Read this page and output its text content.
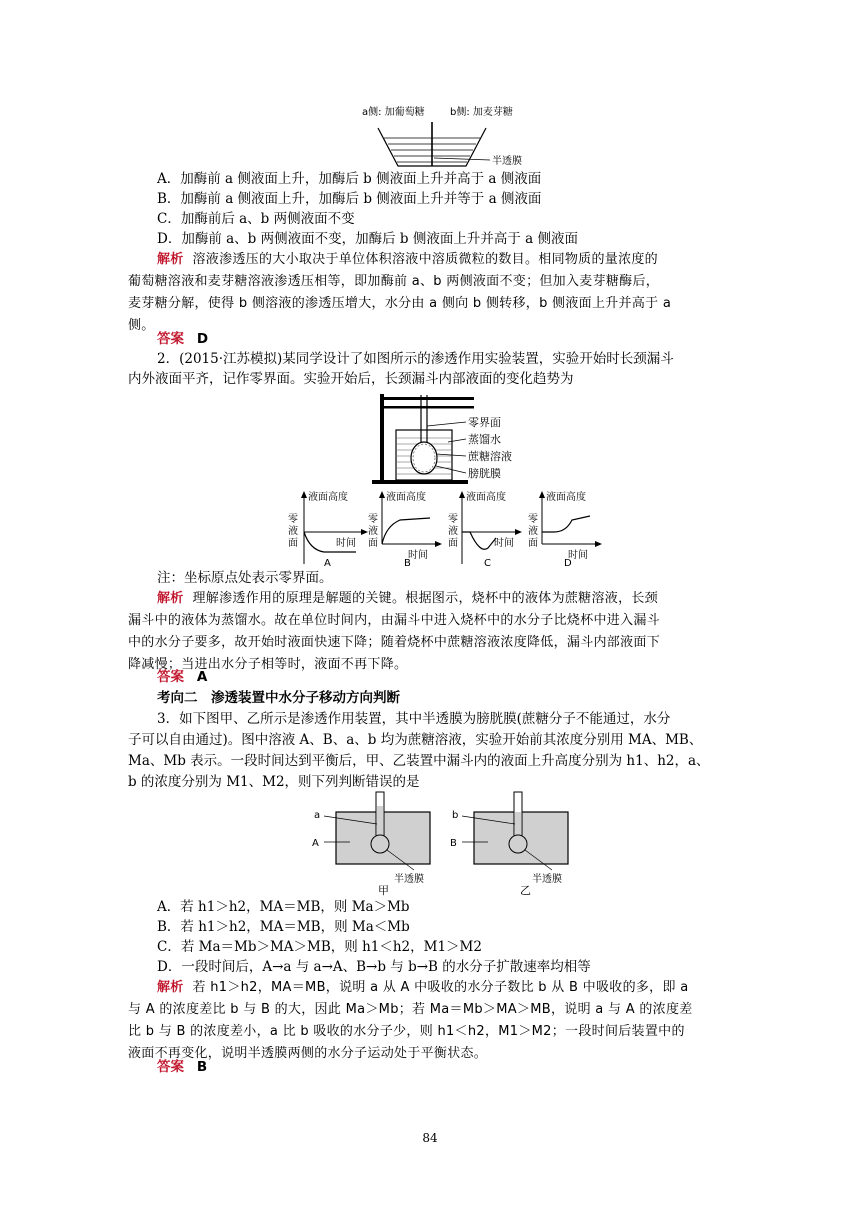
a侧: 加葡萄糖	b侧: 加麦芽糖
半透膜
A．加酶前 a 侧液面上升，加酶后 b 侧液面上升并高于 a 侧液面
B．加酶前 a 侧液面上升，加酶后 b 侧液面上升并等于 a 侧液面
C．加酶前后 a、b 两侧液面不变
D．加酶前 a、b 两侧液面不变，加酶后 b 侧液面上升并高于 a 侧液面
解析 溶液渗透压的大小取决于单位体积溶液中溶质微粒的数目。相同物质的量浓度的
葡萄糖溶液和麦芽糖溶液渗透压相等，即加酶前 a、b 两侧液面不变；但加入麦芽糖酶后，
麦芽糖分解，使得 b 侧溶液的渗透压增大，水分由 a 侧向 b 侧转移，b 侧液面上升并高于 a
侧。
答案 D
2．(2015·江苏模拟)某同学设计了如图所示的渗透作用实验装置，实验开始时长颈漏斗
内外液面平齐，记作零界面。实验开始后，长颈漏斗内部液面的变化趋势为
零界面
蒸馏水
蔗糖溶液
膀胱膜
液面高度
零
液
面	时间
A
液面高度
零
液
面
时间
B
液面高度
零
液
面	时间
C
液面高度
零
液
面
时间
D
注：坐标原点处表示零界面。
解析 理解渗透作用的原理是解题的关键。根据图示，烧杯中的液体为蔗糖溶液，长颈
漏斗中的液体为蒸馏水。故在单位时间内，由漏斗中进入烧杯中的水分子比烧杯中进入漏斗
中的水分子要多，故开始时液面快速下降；随着烧杯中蔗糖溶液浓度降低，漏斗内部液面下
降减慢；当进出水分子相等时，液面不再下降。
答案 A
考向二　渗透装置中水分子移动方向判断
3．如下图甲、乙所示是渗透作用装置，其中半透膜为膀胱膜(蔗糖分子不能通过，水分
子可以自由通过)。图中溶液 A、B、a、b 均为蔗糖溶液，实验开始前其浓度分别用 MA、MB、
Ma、Mb 表示。一段时间达到平衡后，甲、乙装置中漏斗内的液面上升高度分别为 h1、h2，a、
b 的浓度分别为 M1、M2，则下列判断错误的是
a
A
半透膜
甲
b
B
半透膜
乙
A．若 h1＞h2，MA＝MB，则 Ma＞Mb
B．若 h1＞h2，MA＝MB，则 Ma＜Mb
C．若 Ma＝Mb＞MA＞MB，则 h1＜h2，M1＞M2
D．一段时间后，A→a 与 a→A、B→b 与 b→B 的水分子扩散速率均相等
解析 若 h1＞h2，MA＝MB，说明 a 从 A 中吸收的水分子数比 b 从 B 中吸收的多，即 a
与 A 的浓度差比 b 与 B 的大，因此 Ma＞Mb；若 Ma＝Mb＞MA＞MB，说明 a 与 A 的浓度差
比 b 与 B 的浓度差小，a 比 b 吸收的水分子少，则 h1＜h2，M1＞M2；一段时间后装置中的
液面不再变化，说明半透膜两侧的水分子运动处于平衡状态。
答案 B
84
